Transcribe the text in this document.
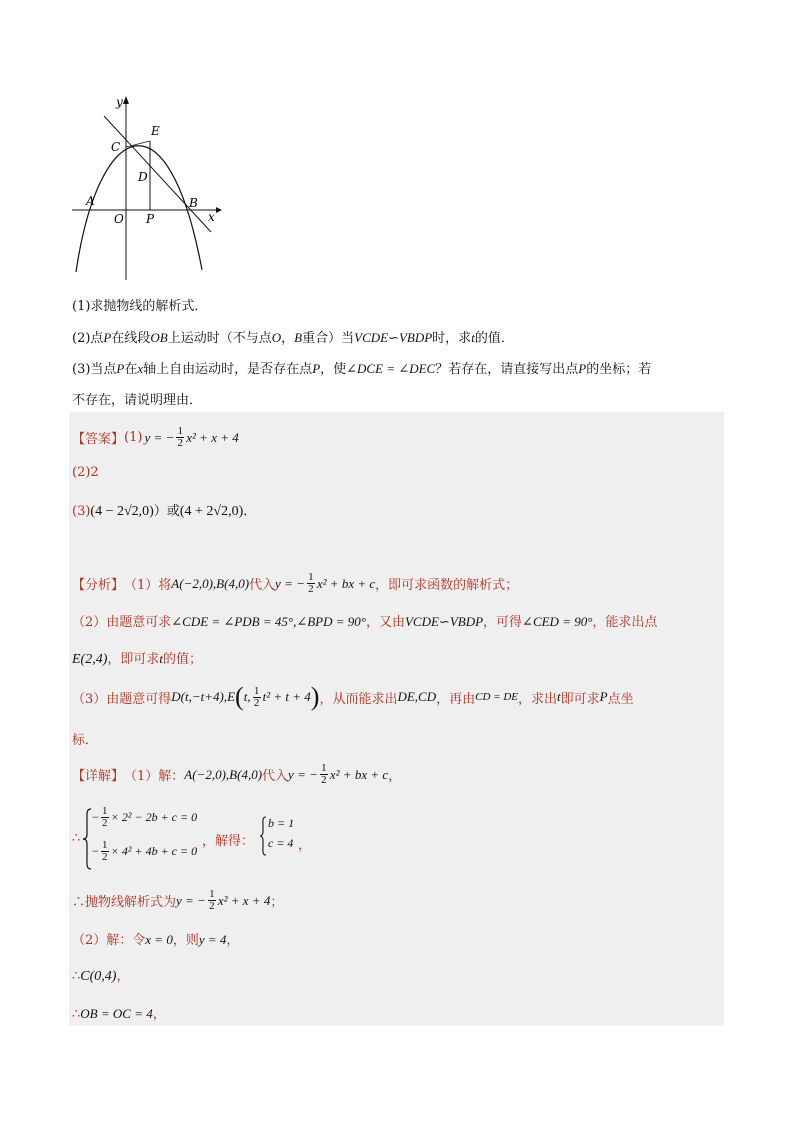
y
x
E
C
D
A
O P
B
(1)求抛物线的解析式．
(2)点P在线段OB上运动时（不与点O，B重合）当VCDE∽VBDP时，求t的值．
(3)当点P在x轴上自由运动时，是否存在点P，使∠DCE = ∠DEC？若存在，请直接写出点P的坐标；若
不存在，请说明理由．
【答案】 (1) y = − 1
2 x² + x + 4
(2)2
(3)(4 − 2√2,0)）或(4 + 2√2,0)．
【分析】 （1）将 A(−2,0),B(4,0) 代入 y = − 1
2 x² + bx + c ，即可求函数的解析式；
（2）由题意可求∠CDE = ∠PDB = 45°,∠BPD = 90°，又由VCDE∽VBDP，可得∠CED = 90°，能求出点
E(2,4)，即可求t的值；
（3）由题意可得 D(t,−t+4),E ( t, 1
2 t² + t + 4 ) ，从而能求出 DE,CD ，再由 CD = DE ，求出 t 即可求 P 点坐
标．
【详解】 （1）解： A(−2,0),B(4,0) 代入 y = − 1
2 x² + bx + c ，
∴
− 1
2 × 2² − 2b + c = 0
− 1
2 × 4² + 4b + c = 0
，解得：
b = 1
c = 4 ，
∴抛物线解析式为 y = − 1
2 x² + x + 4 ；
（2）解：令x = 0，则y = 4，
∴C(0,4)，
∴OB = OC = 4，
